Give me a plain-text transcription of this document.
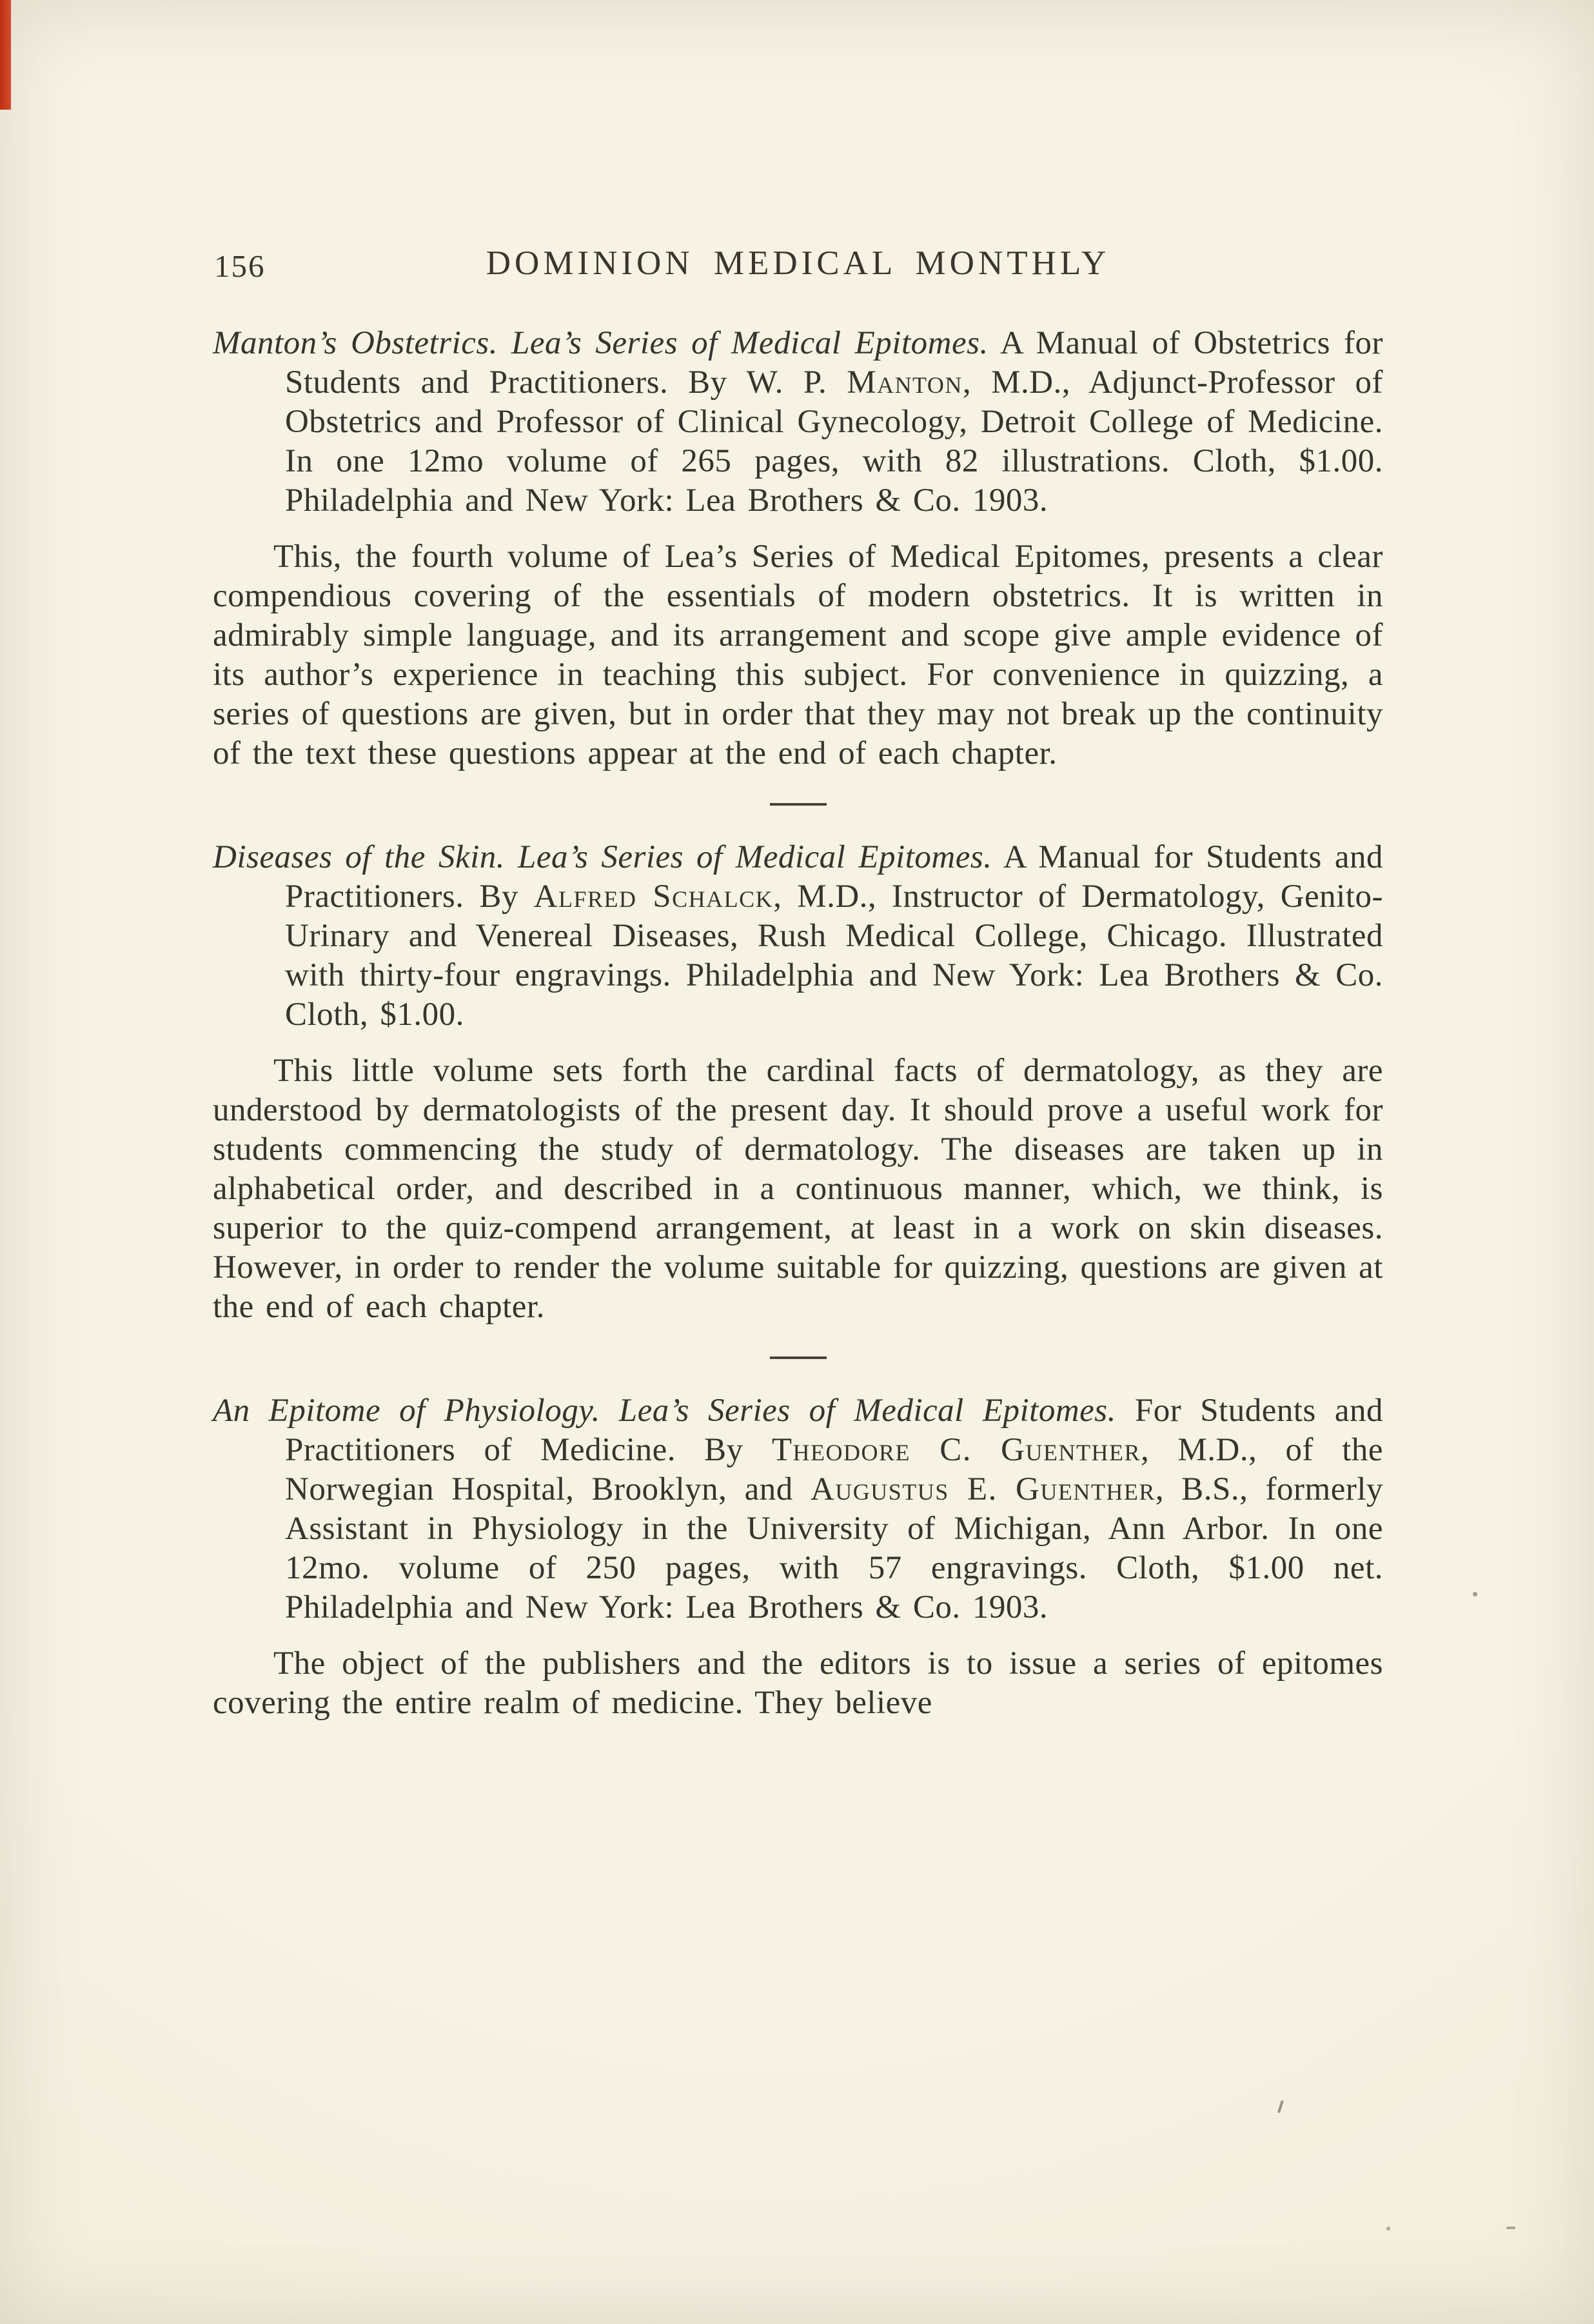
156	DOMINION MEDICAL MONTHLY

Manton’s Obstetrics. Lea’s Series of Medical Epitomes. A Manual of Obstetrics for Students and Practitioners. By W. P. Manton, M.D., Adjunct-Professor of Obstetrics and Professor of Clinical Gynecology, Detroit College of Medicine. In one 12mo volume of 265 pages, with 82 illustrations. Cloth, $1.00. Philadelphia and New York: Lea Brothers & Co. 1903.

This, the fourth volume of Lea’s Series of Medical Epitomes, presents a clear compendious covering of the essentials of modern obstetrics. It is written in admirably simple language, and its arrangement and scope give ample evidence of its author’s experience in teaching this subject. For convenience in quizzing, a series of questions are given, but in order that they may not break up the continuity of the text these questions appear at the end of each chapter.

Diseases of the Skin. Lea’s Series of Medical Epitomes. A Manual for Students and Practitioners. By Alfred Schalck, M.D., Instructor of Dermatology, Genito-Urinary and Venereal Diseases, Rush Medical College, Chicago. Illustrated with thirty-four engravings. Philadelphia and New York: Lea Brothers & Co. Cloth, $1.00.

This little volume sets forth the cardinal facts of dermatology, as they are understood by dermatologists of the present day. It should prove a useful work for students commencing the study of dermatology. The diseases are taken up in alphabetical order, and described in a continuous manner, which, we think, is superior to the quiz-compend arrangement, at least in a work on skin diseases. However, in order to render the volume suitable for quizzing, questions are given at the end of each chapter.

An Epitome of Physiology. Lea’s Series of Medical Epitomes. For Students and Practitioners of Medicine. By Theodore C. Guenther, M.D., of the Norwegian Hospital, Brooklyn, and Augustus E. Guenther, B.S., formerly Assistant in Physiology in the University of Michigan, Ann Arbor. In one 12mo. volume of 250 pages, with 57 engravings. Cloth, $1.00 net. Philadelphia and New York: Lea Brothers & Co. 1903.

The object of the publishers and the editors is to issue a series of epitomes covering the entire realm of medicine. They believe
